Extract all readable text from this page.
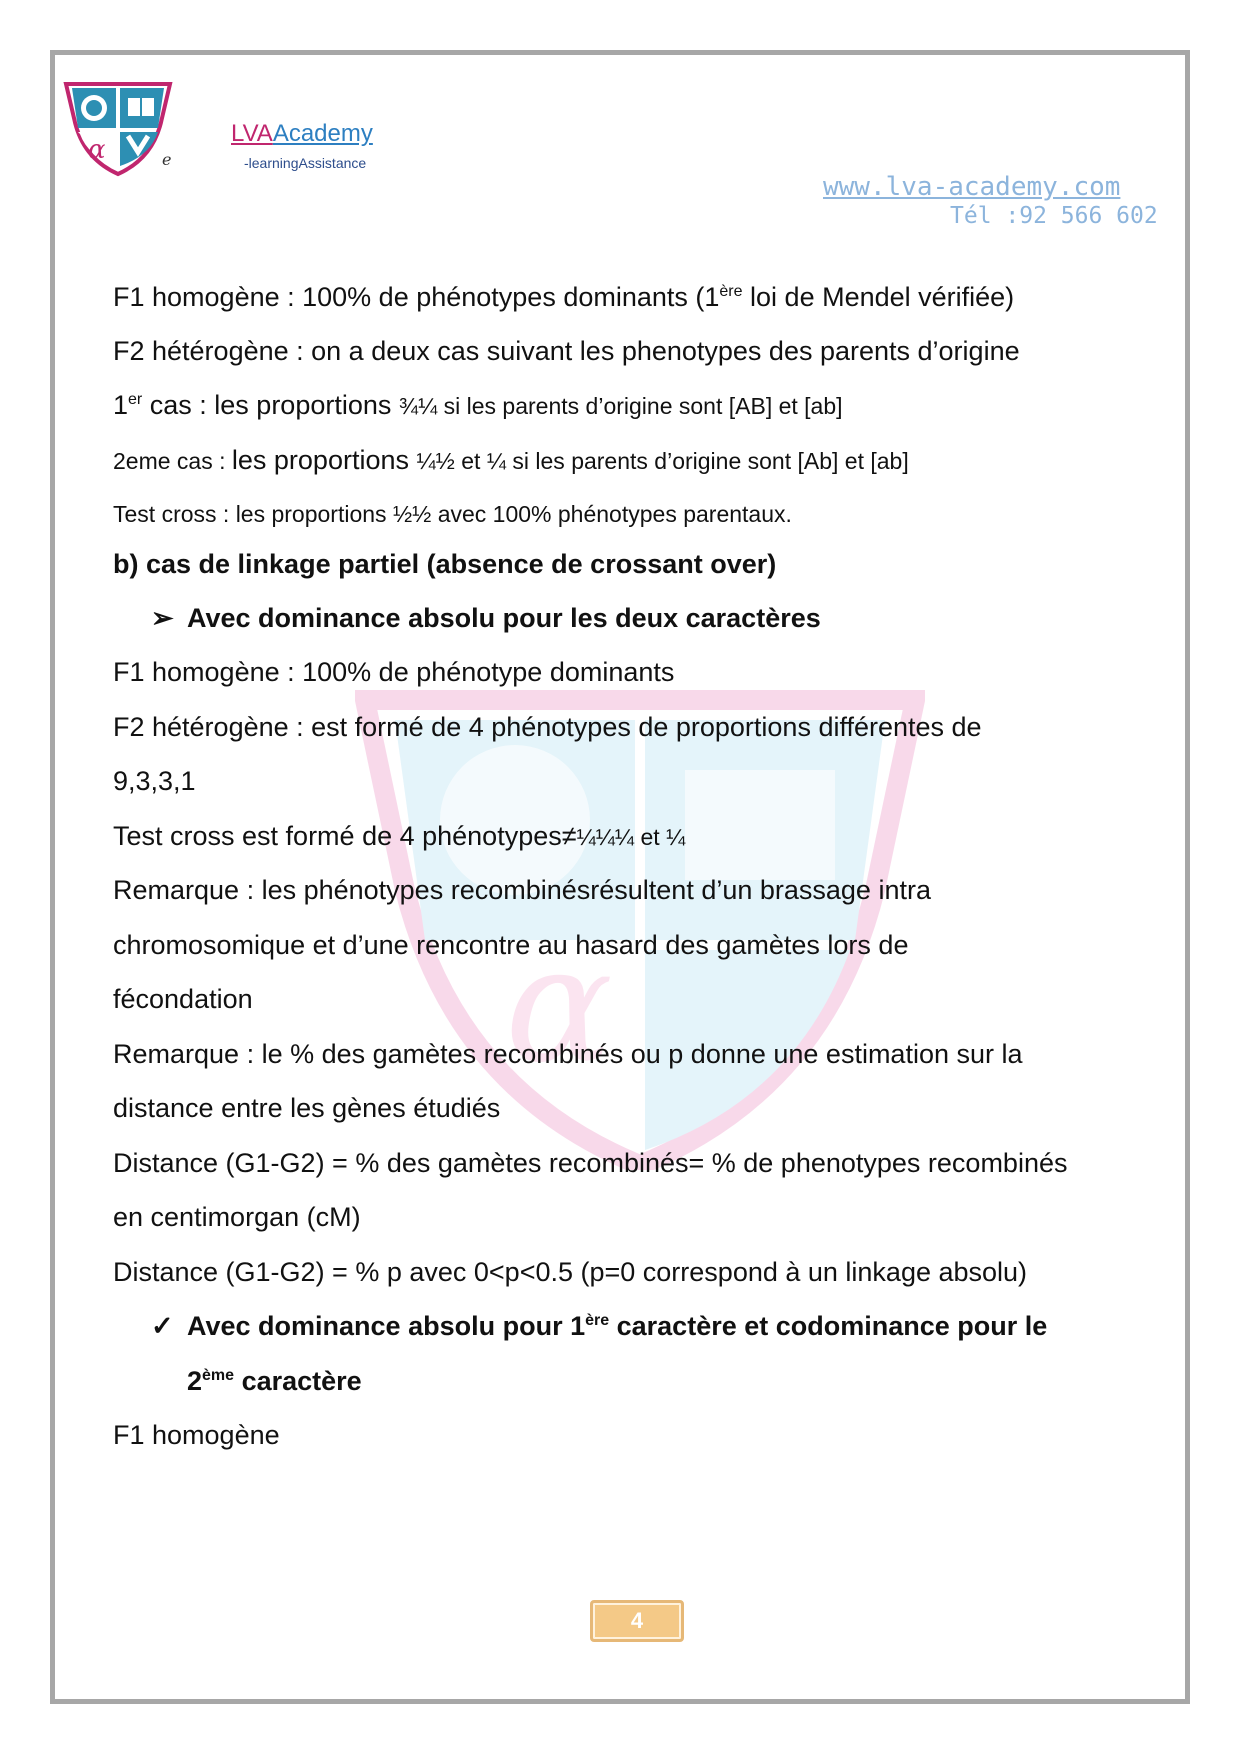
α	e
LVAAcademy
-learningAssistance
www.lva-academy.com
Tél :92 566 602
α
F1 homogène : 100% de phénotypes dominants (1ère loi de Mendel vérifiée)
F2 hétérogène : on a deux cas suivant les phenotypes des parents d’origine
1er cas : les proportions ¾¼ si les parents d’origine sont [AB] et [ab]
2eme cas : les proportions ¼½ et ¼ si les parents d’origine sont [Ab] et [ab]
Test cross : les proportions ½½ avec 100% phénotypes parentaux.
b) cas de linkage partiel (absence de crossant over)
➢ Avec dominance absolu pour les deux caractères
F1 homogène : 100% de phénotype dominants
F2 hétérogène : est formé de 4 phénotypes de proportions différentes de
9,3,3,1
Test cross est formé de 4 phénotypes≠¼¼¼ et ¼
Remarque : les phénotypes recombinésrésultent d’un brassage intra
chromosomique et d’une rencontre au hasard des gamètes lors de
fécondation
Remarque : le % des gamètes recombinés ou p donne une estimation sur la
distance entre les gènes étudiés
Distance (G1-G2) = % des gamètes recombinés= % de phenotypes recombinés
en centimorgan (cM)
Distance (G1-G2) = % p avec 0<p<0.5 (p=0 correspond à un linkage absolu)
✓ Avec dominance absolu pour 1ère caractère et codominance pour le
2ème caractère
F1 homogène
4
